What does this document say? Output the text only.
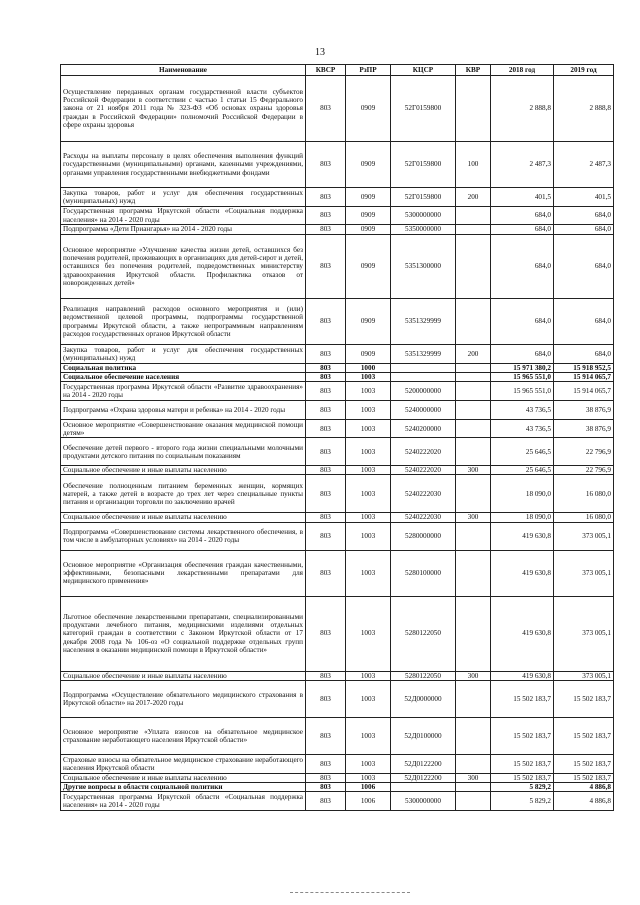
13
Наименование	КВСР	РзПР	КЦСР	КВР	2018 год	2019 год
Осуществление переданных органам государственной власти субъектов Российской Федерации в соответствии с частью 1 статьи 15 Федерального закона от 21 ноября 2011 года № 323-ФЗ «Об основах охраны здоровья граждан в Российской Федерации» полномочий Российской Федерации в сфере охраны здоровья	803	0909	52Г0159800		2 888,8	2 888,8
Расходы на выплаты персоналу в целях обеспечения выполнения функций государственными (муниципальными) органами, казенными учреждениями, органами управления государственными внебюджетными фондами	803	0909	52Г0159800	100	2 487,3	2 487,3
Закупка товаров, работ и услуг для обеспечения государственных (муниципальных) нужд	803	0909	52Г0159800	200	401,5	401,5
Государственная программа Иркутской области «Социальная поддержка населения» на 2014 - 2020 годы	803	0909	5300000000		684,0	684,0
Подпрограмма «Дети Приангарья» на 2014 - 2020 годы	803	0909	5350000000		684,0	684,0
Основное мероприятие «Улучшение качества жизни детей, оставшихся без попечения родителей, проживающих в организациях для детей-сирот и детей, оставшихся без попечения родителей, подведомственных министерству здравоохранения Иркутской области. Профилактика отказов от новорожденных детей»	803	0909	5351300000		684,0	684,0
Реализация направлений расходов основного мероприятия и (или) ведомственной целевой программы, подпрограммы государственной программы Иркутской области, а также непрограммным направлениям расходов государственных органов Иркутской области	803	0909	5351329999		684,0	684,0
Закупка товаров, работ и услуг для обеспечения государственных (муниципальных) нужд	803	0909	5351329999	200	684,0	684,0
Социальная политика	803	1000			15 971 380,2	15 918 952,5
Социальное обеспечение населения	803	1003			15 965 551,0	15 914 065,7
Государственная программа Иркутской области «Развитие здравоохранения» на 2014 - 2020 годы	803	1003	5200000000		15 965 551,0	15 914 065,7
Подпрограмма «Охрана здоровья матери и ребенка» на 2014 - 2020 годы	803	1003	5240000000		43 736,5	38 876,9
Основное мероприятие «Совершенствование оказания медицинской помощи детям»	803	1003	5240200000		43 736,5	38 876,9
Обеспечение детей первого - второго года жизни специальными молочными продуктами детского питания по социальным показаниям	803	1003	5240222020		25 646,5	22 796,9
Социальное обеспечение и иные выплаты населению	803	1003	5240222020	300	25 646,5	22 796,9
Обеспечение полноценным питанием беременных женщин, кормящих матерей, а также детей в возрасте до трех лет через специальные пункты питания и организации торговли по заключению врачей	803	1003	5240222030		18 090,0	16 080,0
Социальное обеспечение и иные выплаты населению	803	1003	5240222030	300	18 090,0	16 080,0
Подпрограмма «Совершенствование системы лекарственного обеспечения, в том числе в амбулаторных условиях» на 2014 - 2020 годы	803	1003	5280000000		419 630,8	373 005,1
Основное мероприятие «Организация обеспечения граждан качественными, эффективными, безопасными лекарственными препаратами для медицинского применения»	803	1003	5280100000		419 630,8	373 005,1
Льготное обеспечение лекарственными препаратами, специализированными продуктами лечебного питания, медицинскими изделиями отдельных категорий граждан в соответствии с Законом Иркутской области от 17 декабря 2008 года № 106-оз «О социальной поддержке отдельных групп населения в оказании медицинской помощи в Иркутской области»	803	1003	5280122050		419 630,8	373 005,1
Социальное обеспечение и иные выплаты населению	803	1003	5280122050	300	419 630,8	373 005,1
Подпрограмма «Осуществление обязательного медицинского страхования в Иркутской области» на 2017-2020 годы	803	1003	52Д0000000		15 502 183,7	15 502 183,7
Основное мероприятие «Уплата взносов на обязательное медицинское страхование неработающего населения Иркутской области»	803	1003	52Д0100000		15 502 183,7	15 502 183,7
Страховые взносы на обязательное медицинское страхование неработающего населения Иркутской области	803	1003	52Д0122200		15 502 183,7	15 502 183,7
Социальное обеспечение и иные выплаты населению	803	1003	52Д0122200	300	15 502 183,7	15 502 183,7
Другие вопросы в области социальной политики	803	1006			5 829,2	4 886,8
Государственная программа Иркутской области «Социальная поддержка населения» на 2014 - 2020 годы	803	1006	5300000000		5 829,2	4 886,8
